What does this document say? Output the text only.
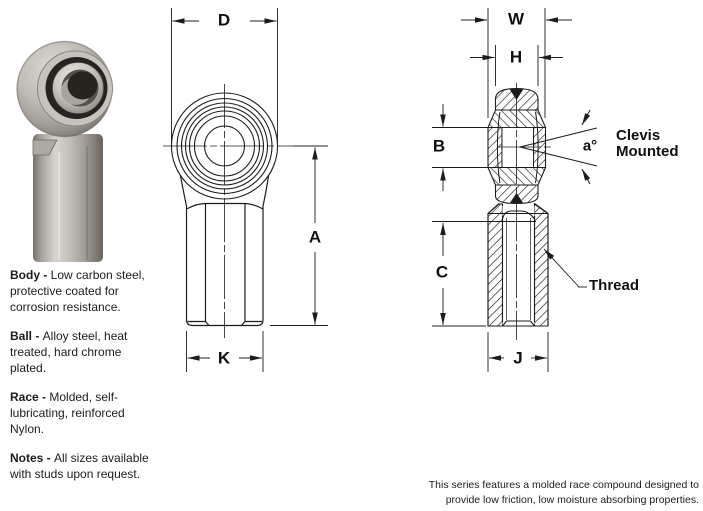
D
A
K
W
H
B
C
J
a°
Clevis
Mounted
Thread

Body - Low carbon steel, protective coated for corrosion resistance.

Ball - Alloy steel, heat treated, hard chrome plated.

Race - Molded, self-lubricating, reinforced Nylon.

Notes - All sizes available with studs upon request.

This series features a molded race compound designed to
provide low friction, low moisture absorbing properties.
